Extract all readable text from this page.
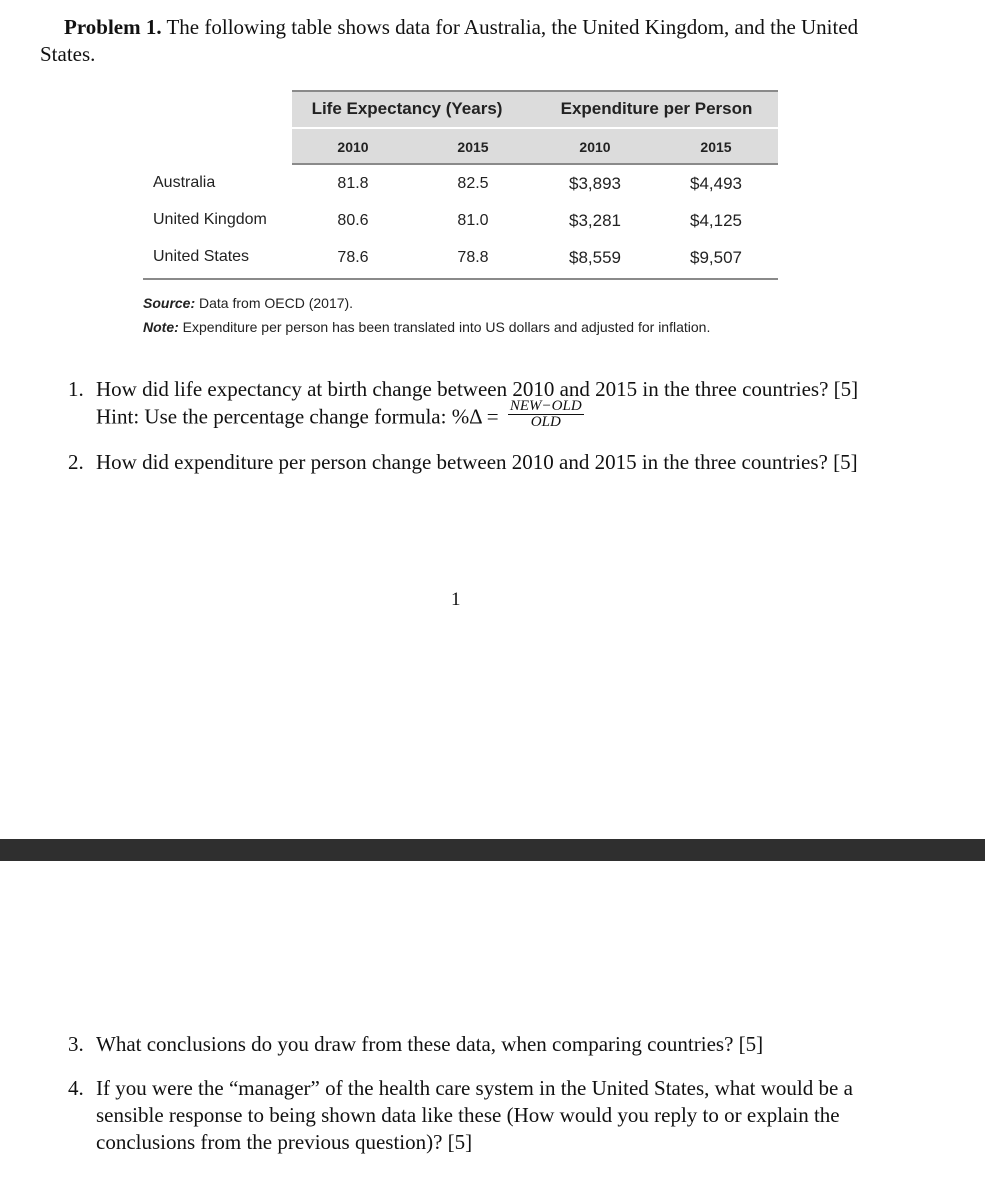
Problem 1. The following table shows data for Australia, the United Kingdom, and the United States.
Life Expectancy (Years)	Expenditure per Person
2010	2015	2010	2015
Australia	81.8	82.5	$3,893	$4,493
United Kingdom	80.6	81.0	$3,281	$4,125
United States	78.6	78.8	$8,559	$9,507
Source: Data from OECD (2017).
Note: Expenditure per person has been translated into US dollars and adjusted for inflation.
1. How did life expectancy at birth change between 2010 and 2015 in the three countries? [5] Hint: Use the percentage change formula: $\%\Delta = \frac{\text{NEW−OLD}}{\text{OLD}}$
2. How did expenditure per person change between 2010 and 2015 in the three countries? [5]
1
3. What conclusions do you draw from these data, when comparing countries? [5]
4. If you were the “manager” of the health care system in the United States, what would be a sensible response to being shown data like these (How would you reply to or explain the conclusions from the previous question)? [5]
